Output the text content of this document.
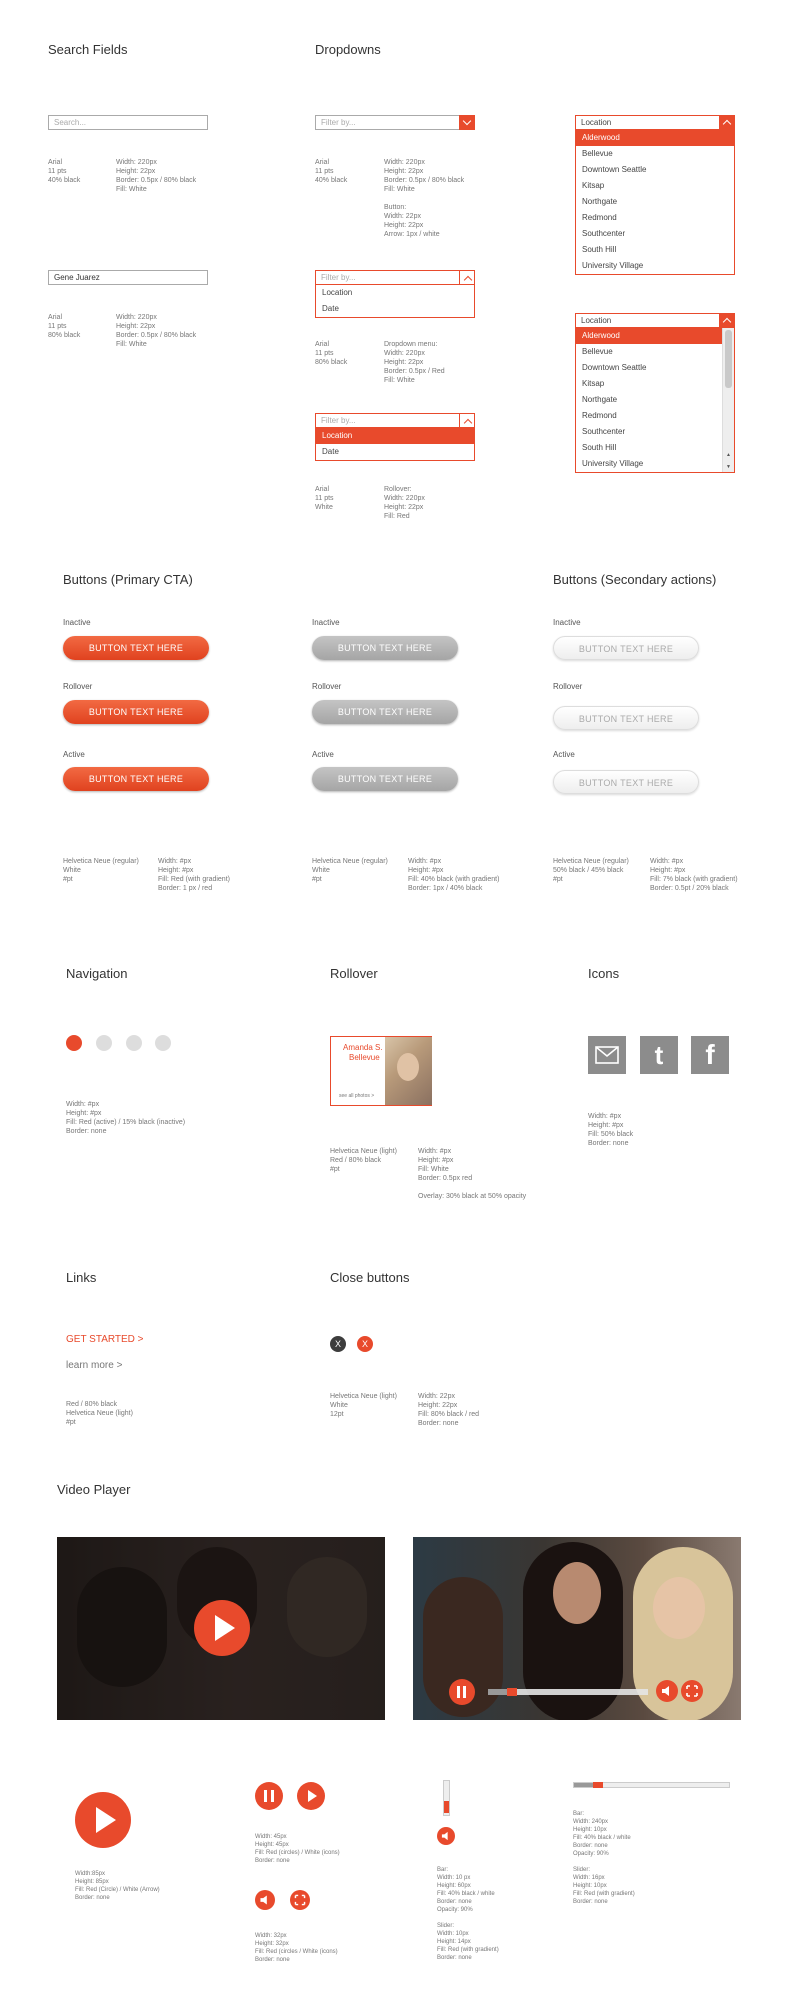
Search Fields
Search...
Arial
11 pts
40% black
Width: 220px
Height: 22px
Border: 0.5px / 80% black
Fill: White
Gene Juarez
Arial
11 pts
80% black
Width: 220px
Height: 22px
Border: 0.5px / 80% black
Fill: White
Dropdowns
Filter by...
Arial
11 pts
40% black
Width: 220px
Height: 22px
Border: 0.5px / 80% black
Fill: White

Button:
Width: 22px
Height: 22px
Arrow: 1px / white
Filter by...
Location
Date
Arial
11 pts
80% black
Dropdown menu:
Width: 220px
Height: 22px
Border: 0.5px / Red
Fill: White
Filter by...
Location
Date
Arial
11 pts
White
Rollover:
Width: 220px
Height: 22px
Fill: Red
Location
Alderwood
Bellevue
Downtown Seattle
Kitsap
Northgate
Redmond
Southcenter
South Hill
University Village
Location
▲
▼
Alderwood
Bellevue
Downtown Seattle
Kitsap
Northgate
Redmond
Southcenter
South Hill
University Village
Buttons (Primary CTA)	Buttons (Secondary actions)
Inactive
BUTTON TEXT HERE
Rollover
BUTTON TEXT HERE
Active
BUTTON TEXT HERE
Inactive
BUTTON TEXT HERE
Rollover
BUTTON TEXT HERE
Active
BUTTON TEXT HERE
Inactive
BUTTON TEXT HERE
Rollover
BUTTON TEXT HERE
Active
BUTTON TEXT HERE
Helvetica Neue (regular)
White
#pt
Width: #px
Height: #px
Fill: Red (with gradient)
Border: 1 px / red
Helvetica Neue (regular)
White
#pt
Width: #px
Height: #px
Fill: 40% black (with gradient)
Border: 1px / 40% black
Helvetica Neue (regular)
50% black / 45% black
#pt
Width: #px
Height: #px
Fill: 7% black (with gradient)
Border: 0.5pt / 20% black
Navigation
Width: #px
Height: #px
Fill: Red (active) / 15% black (inactive)
Border: none
Rollover
Amanda S.
Bellevue
see all photos >
Helvetica Neue (light)
Red / 80% black
#pt
Width: #px
Height: #px
Fill: White
Border: 0.5px red

Overlay: 30% black at 50% opacity
Icons
t	f
Width: #px
Height: #px
Fill: 50% black
Border: none
Links
GET STARTED >
learn more >
Red / 80% black
Helvetica Neue (light)
#pt
Close buttons
X	X
Helvetica Neue (light)
White
12pt
Width: 22px
Height: 22px
Fill: 80% black / red
Border: none
Video Player
Width:85px
Height: 85px
Fill: Red (Circle) / White (Arrow)
Border: none
Width: 45px
Height: 45px
Fill: Red (circles) / White (icons)
Border: none
Width: 32px
Height: 32px
Fill: Red (circles / White (icons)
Border: none
Bar:
Width: 10 px
Height: 60px
Fill: 40% black / white
Border: none
Opacity: 90%

Slider:
Width: 10px
Height: 14px
Fill: Red (with gradient)
Border: none
Bar:
Width: 240px
Height: 10px
Fill: 40% black / white
Border: none
Opacity: 90%

Slider:
Width: 16px
Height: 10px
Fill: Red (with gradient)
Border: none
